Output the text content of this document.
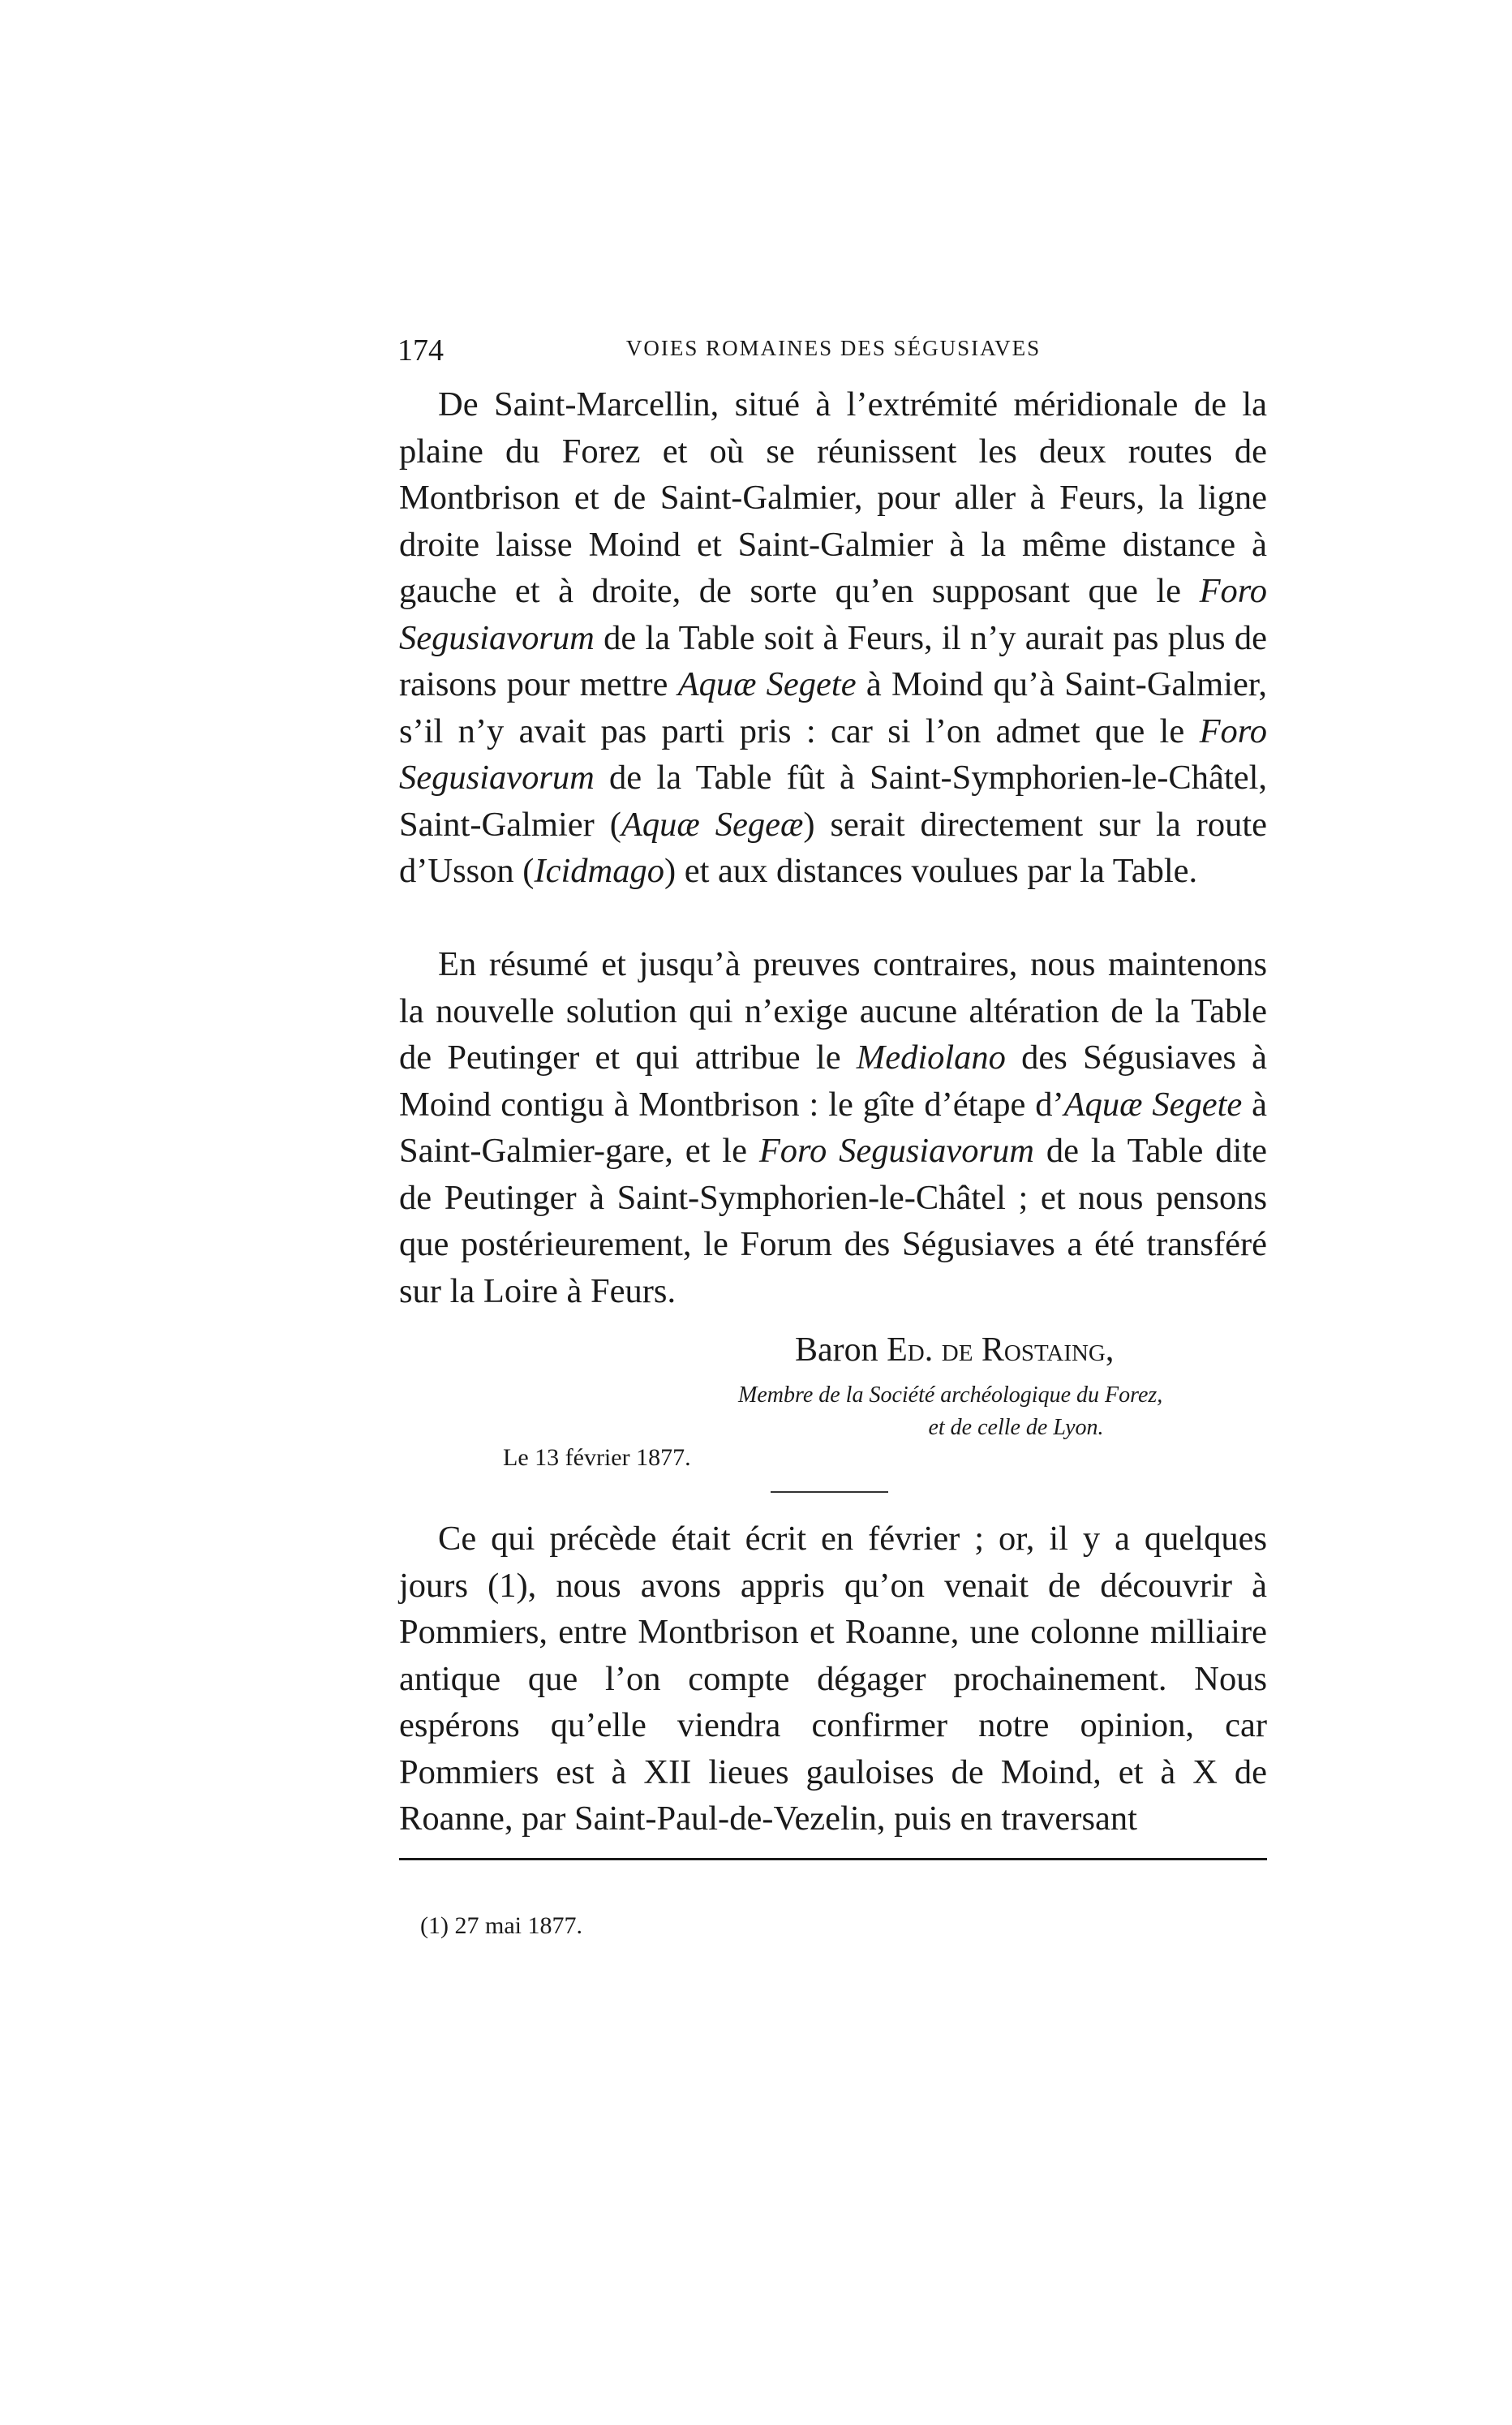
174	VOIES ROMAINES DES SÉGUSIAVES

De Saint-Marcellin, situé à l’extrémité méridionale de la plaine du Forez et où se réunissent les deux routes de Montbrison et de Saint-Galmier, pour aller à Feurs, la ligne droite laisse Moind et Saint-Galmier à la même distance à gauche et à droite, de sorte qu’en supposant que le Foro Segusiavorum de la Table soit à Feurs, il n’y aurait pas plus de raisons pour mettre Aquæ Segete à Moind qu’à Saint-Galmier, s’il n’y avait pas parti pris : car si l’on admet que le Foro Segusiavorum de la Table fût à Saint-Symphorien-le-Châtel, Saint-Galmier (Aquæ Segeæ) serait directement sur la route d’Usson (Icidmago) et aux distances voulues par la Table.

En résumé et jusqu’à preuves contraires, nous maintenons la nouvelle solution qui n’exige aucune altération de la Table de Peutinger et qui attribue le Mediolano des Ségusiaves à Moind contigu à Montbrison : le gîte d’étape d’Aquæ Segete à Saint-Galmier-gare, et le Foro Segusiavorum de la Table dite de Peutinger à Saint-Symphorien-le-Châtel ; et nous pensons que postérieurement, le Forum des Ségusiaves a été transféré sur la Loire à Feurs.

Baron Ed. de Rostaing,
Membre de la Société archéologique du Forez,
et de celle de Lyon.
Le 13 février 1877.

Ce qui précède était écrit en février ; or, il y a quelques jours (1), nous avons appris qu’on venait de découvrir à Pommiers, entre Montbrison et Roanne, une colonne milliaire antique que l’on compte dégager prochainement. Nous espérons qu’elle viendra confirmer notre opinion, car Pommiers est à XII lieues gauloises de Moind, et à X de Roanne, par Saint-Paul-de-Vezelin, puis en traversant

(1) 27 mai 1877.
